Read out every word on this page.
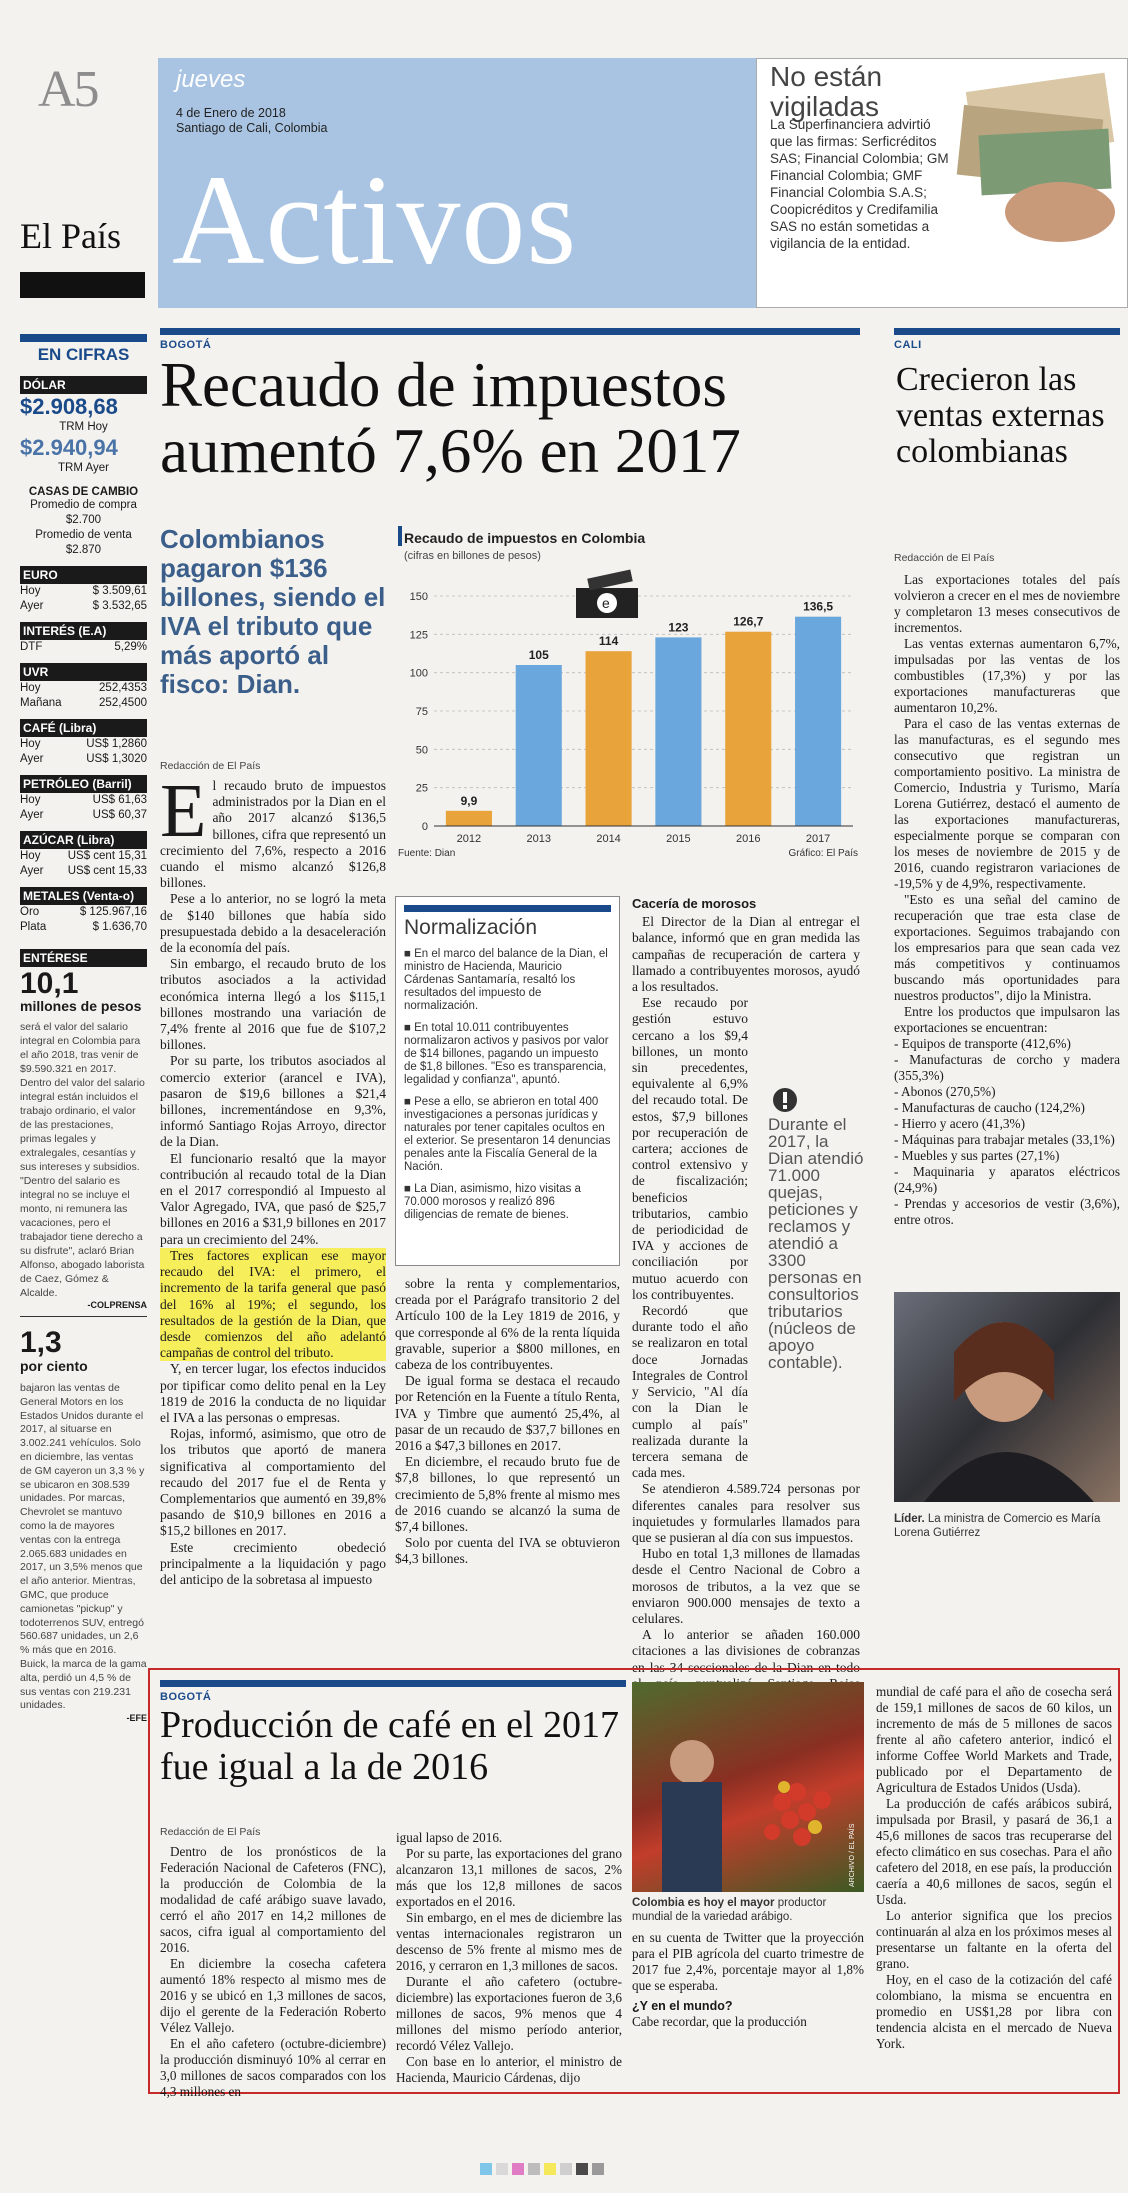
A5	jueves
4 de Enero de 2018
Santiago de Cali, Colombia
Activos
No están vigiladas
La Superfinanciera advirtió que las firmas: Serficréditos SAS; Financial Colombia; GM Financial Colombia; GMF Financial Colombia S.A.S; Coopicréditos y Credifamilia SAS no están sometidas a vigilancia de la entidad.
El País
EN CIFRAS
DÓLAR
$2.908,68
TRM Hoy
$2.940,94
TRM Ayer
CASAS DE CAMBIO
Promedio de compra
$2.700
Promedio de venta
$2.870
EURO
Hoy	$ 3.509,61
Ayer	$ 3.532,65
INTERÉS (E.A)
DTF	5,29%
UVR
Hoy	252,4353
Mañana	252,4500
CAFÉ (Libra)
Hoy	US$ 1,2860
Ayer	US$ 1,3020
PETRÓLEO (Barril)
Hoy	US$ 61,63
Ayer	US$ 60,37
AZÚCAR (Libra)
Hoy US$ cent 15,31
Ayer US$ cent 15,33
METALES (Venta-o)
Oro	$ 125.967,16
Plata	$ 1.636,70
ENTÉRESE
10,1
millones de pesos
será el valor del salario integral en Colombia para el año 2018, tras venir de $9.590.321 en 2017. Dentro del valor del salario integral están incluidos el trabajo ordinario, el valor de las prestaciones, primas legales y extralegales, cesantías y sus intereses y subsidios. "Dentro del salario es integral no se incluye el monto, ni remunera las vacaciones, pero el trabajador tiene derecho a su disfrute", aclaró Brian Alfonso, abogado laborista de Caez, Gómez & Alcalde.
-COLPRENSA
1,3
por ciento
bajaron las ventas de General Motors en los Estados Unidos durante el 2017, al situarse en 3.002.241 vehículos. Solo en diciembre, las ventas de GM cayeron un 3,3 % y se ubicaron en 308.539 unidades. Por marcas, Chevrolet se mantuvo como la de mayores ventas con la entrega 2.065.683 unidades en 2017, un 3,5% menos que el año anterior. Mientras, GMC, que produce camionetas "pickup" y todoterrenos SUV, entregó 560.687 unidades, un 2,6 % más que en 2016. Buick, la marca de la gama alta, perdió un 4,5 % de sus ventas con 219.231 unidades.
-EFE
BOGOTÁ
Recaudo de impuestos aumentó 7,6% en 2017
Colombianos pagaron $136 billones, siendo el IVA el tributo que más aportó al fisco: Dian.
Recaudo de impuestos en Colombia
(cifras en billones de pesos)
0
25
50
75
100
125
150
9,9
2012
105
2013
114
2014
123
2015
126,7
2016
136,5
2017
e
Fuente: Dian	Gráfico: El País
Redacción de El País
E l recaudo bruto de impuestos administrados por la Dian en el año 2017 alcanzó $136,5 billones, cifra que representó un crecimiento del 7,6%, respecto a 2016 cuando el mismo alcanzó $126,8 billones.

Pese a lo anterior, no se logró la meta de $140 billones que había sido presupuestada debido a la desaceleración de la economía del país.

Sin embargo, el recaudo bruto de los tributos asociados a la actividad económica interna llegó a los $115,1 billones mostrando una variación de 7,4% frente al 2016 que fue de $107,2 billones.

Por su parte, los tributos asociados al comercio exterior (arancel e IVA), pasaron de $19,6 billones a $21,4 billones, incrementándose en 9,3%, informó Santiago Rojas Arroyo, director de la Dian.

El funcionario resaltó que la mayor contribución al recaudo total de la Dian en el 2017 correspondió al Impuesto al Valor Agregado, IVA, que pasó de $25,7 billones en 2016 a $31,9 billones en 2017 para un crecimiento del 24%.

Tres factores explican ese mayor recaudo del IVA: el primero, el incremento de la tarifa general que pasó del 16% al 19%; el segundo, los resultados de la gestión de la Dian, que desde comienzos del año adelantó campañas de control del tributo.

Y, en tercer lugar, los efectos inducidos por tipificar como delito penal en la Ley 1819 de 2016 la conducta de no liquidar el IVA a las personas o empresas.

Rojas, informó, asimismo, que otro de los tributos que aportó de manera significativa al comportamiento del recaudo del 2017 fue el de Renta y Complementarios que aumentó en 39,8% pasando de $10,9 billones en 2016 a $15,2 billones en 2017.

Este crecimiento obedeció principalmente a la liquidación y pago del anticipo de la sobretasa al impuesto

Normalización
■ En el marco del balance de la Dian, el ministro de Hacienda, Mauricio Cárdenas Santamaría, resaltó los resultados del impuesto de normalización.
■ En total 10.011 contribuyentes normalizaron activos y pasivos por valor de $14 billones, pagando un impuesto de $1,8 billones. "Eso es transparencia, legalidad y confianza", apuntó.
■ Pese a ello, se abrieron en total 400 investigaciones a personas jurídicas y naturales por tener capitales ocultos en el exterior. Se presentaron 14 denuncias penales ante la Fiscalía General de la Nación.
■ La Dian, asimismo, hizo visitas a 70.000 morosos y realizó 896 diligencias de remate de bienes.

sobre la renta y complementarios, creada por el Parágrafo transitorio 2 del Artículo 100 de la Ley 1819 de 2016, y que corresponde al 6% de la renta líquida gravable, superior a $800 millones, en cabeza de los contribuyentes.

De igual forma se destaca el recaudo por Retención en la Fuente a título Renta, IVA y Timbre que aumentó 25,4%, al pasar de un recaudo de $37,7 billones en 2016 a $47,3 billones en 2017.

En diciembre, el recaudo bruto fue de $7,8 billones, lo que representó un crecimiento de 5,8% frente al mismo mes de 2016 cuando se alcanzó la suma de $7,4 billones.

Solo por cuenta del IVA se obtuvieron $4,3 billones.

Cacería de morosos

El Director de la Dian al entregar el balance, informó que en gran medida las campañas de recuperación de cartera y llamado a contribuyentes morosos, ayudó a los resultados.

Ese recaudo por gestión estuvo cercano a los $9,4 billones, un monto sin precedentes, equivalente al 6,9% del recaudo total. De estos, $7,9 billones por recuperación de cartera; acciones de control extensivo y de fiscalización; beneficios tributarios, cambio de periodicidad de IVA y acciones de conciliación por mutuo acuerdo con los contribuyentes.

Recordó que durante todo el año se realizaron en total doce Jornadas Integrales de Control y Servicio, "Al día con la Dian le cumplo al país" realizada durante la tercera semana de cada mes.

Se atendieron 4.589.724 personas por diferentes canales para resolver sus inquietudes y formularles llamados para que se pusieran al día con sus impuestos.

Hubo en total 1,3 millones de llamadas desde el Centro Nacional de Cobro a morosos de tributos, a la vez que se enviaron 900.000 mensajes de texto a celulares.

A lo anterior se añaden 160.000 citaciones a las divisiones de cobranzas en las 34 seccionales de la Dian en todo

Durante el 2017, la Dian atendió 71.000 quejas, peticiones y reclamos y atendió a 3300 personas en consultorios tributarios (núcleos de apoyo contable).
CALI
Crecieron las ventas externas colombianas
Redacción de El País

Las exportaciones totales del país volvieron a crecer en el mes de noviembre y completaron 13 meses consecutivos de incrementos.

Las ventas externas aumentaron 6,7%, impulsadas por las ventas de los combustibles (17,3%) y por las exportaciones manufactureras que aumentaron 10,2%.

Para el caso de las ventas externas de las manufacturas, es el segundo mes consecutivo que registran un comportamiento positivo. La ministra de Comercio, Industria y Turismo, María Lorena Gutiérrez, destacó el aumento de las exportaciones manufactureras, especialmente porque se comparan con los meses de noviembre de 2015 y de 2016, cuando registraron variaciones de -19,5% y de 4,9%, respectivamente.

"Esto es una señal del camino de recuperación que trae esta clase de exportaciones. Seguimos trabajando con los empresarios para que sean cada vez más competitivos y continuamos buscando más oportunidades para nuestros productos", dijo la Ministra.

Entre los productos que impulsaron las exportaciones se encuentran:

- Equipos de transporte (412,6%)
- Manufacturas de corcho y madera (355,3%)
- Abonos (270,5%)
- Manufacturas de caucho (124,2%)
- Hierro y acero (41,3%)
- Máquinas para trabajar metales (33,1%)
- Muebles y sus partes (27,1%)
- Maquinaria y aparatos eléctricos (24,9%)
- Prendas y accesorios de vestir (3,6%), entre otros.
Líder. La ministra de Comercio es María Lorena Gutiérrez
BOGOTÁ
Producción de café en el 2017 fue igual a la de 2016
Redacción de El País

Dentro de los pronósticos de la Federación Nacional de Cafeteros (FNC), la producción de Colombia de la modalidad de café arábigo suave lavado, cerró el año 2017 en 14,2 millones de sacos, cifra igual al comportamiento del 2016.

En diciembre la cosecha cafetera aumentó 18% respecto al mismo mes de 2016 y se ubicó en 1,3 millones de sacos, dijo el gerente de la Federación Roberto Vélez Vallejo.

En el año cafetero (octubre-diciembre) la producción disminuyó 10% al cerrar en 3,0 millones de sacos comparados con los 4,3 millones en

igual lapso de 2016.

Por su parte, las exportaciones del grano alcanzaron 13,1 millones de sacos, 2% más que los 12,8 millones de sacos exportados en el 2016.

Sin embargo, en el mes de diciembre las ventas internacionales registraron un descenso de 5% frente al mismo mes de 2016, y cerraron en 1,3 millones de sacos.

Durante el año cafetero (octubre-diciembre) las exportaciones fueron de 3,6 millones de sacos, 9% menos que 4 millones del mismo período anterior, recordó Vélez Vallejo.

Con base en lo anterior, el ministro de Hacienda, Mauricio Cárdenas, dijo

ARCHIVO / EL PAÍS
Colombia es hoy el mayor productor mundial de la variedad arábigo.

en su cuenta de Twitter que la proyección para el PIB agrícola del cuarto trimestre de 2017 fue 2,4%, porcentaje mayor al 1,8% que se esperaba.

¿Y en el mundo?

Cabe recordar, que la producción

mundial de café para el año de cosecha será de 159,1 millones de sacos de 60 kilos, un incremento de más de 5 millones de sacos frente al año cafetero anterior, indicó el informe Coffee World Markets and Trade, publicado por el Departamento de Agricultura de Estados Unidos (Usda).

La producción de cafés arábicos subirá, impulsada por Brasil, y pasará de 36,1 a 45,6 millones de sacos tras recuperarse del efecto climático en sus cosechas. Para el año cafetero del 2018, en ese país, la producción caería a 40,6 millones de sacos, según el Usda.

Lo anterior significa que los precios continuarán al alza en los próximos meses al presentarse un faltante en la oferta del grano.

Hoy, en el caso de la cotización del café colombiano, la misma se encuentra en promedio en US$1,28 por libra con tendencia alcista en el mercado de Nueva York.
